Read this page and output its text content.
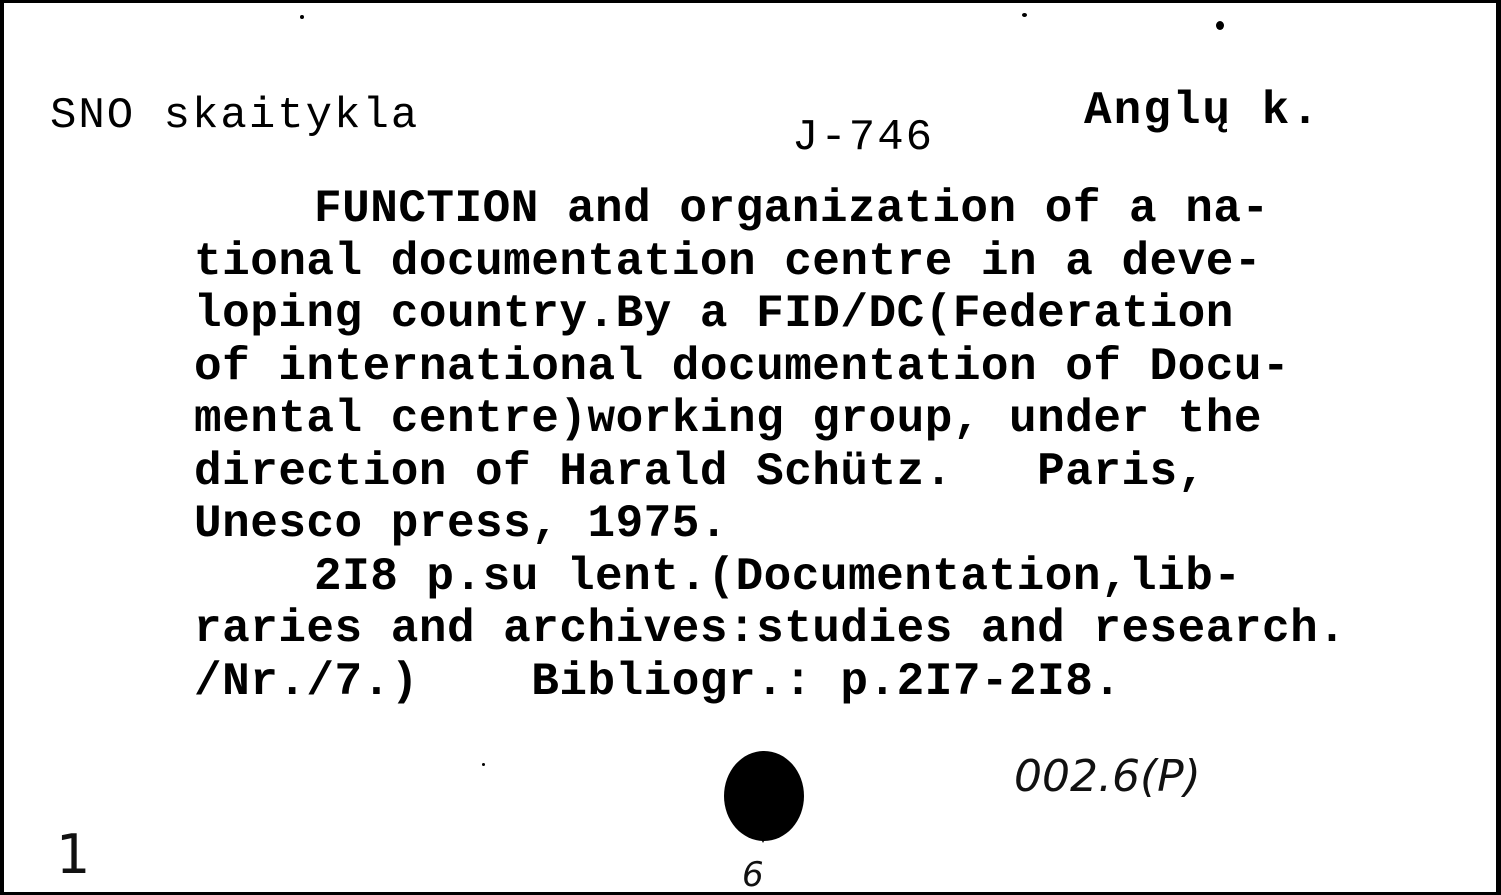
SNO skaitykla	J-746
Anglų k.
FUNCTION and organization of a na-
tional documentation centre in a deve-
loping country.By a FID/DC(Federation
of international documentation of Docu-
mental centre)working group, under the
direction of Harald Schütz.   Paris,
Unesco press, 1975.
2I8 p.su lent.(Documentation,lib-
raries and archives:studies and research.
/Nr./7.)    Bibliogr.: p.2I7-2I8.
002.6(P)
1	6
